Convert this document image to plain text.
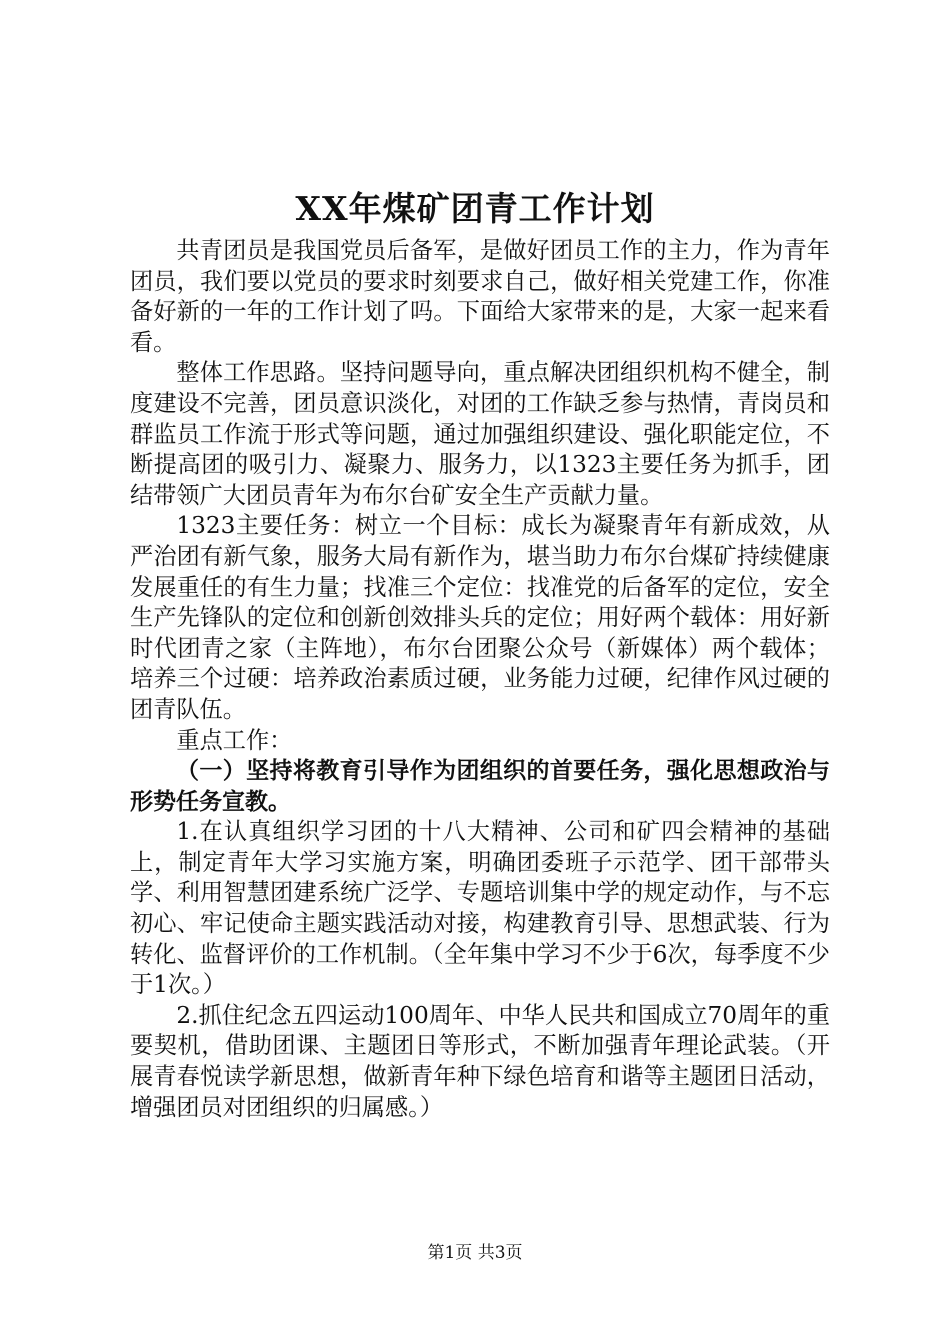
XX年煤矿团青工作计划

共青团员是我国党员后备军，是做好团员工作的主力，作为青年团员，我们要以党员的要求时刻要求自己，做好相关党建工作，你准备好新的一年的工作计划了吗。下面给大家带来的是，大家一起来看看。

整体工作思路。坚持问题导向，重点解决团组织机构不健全，制度建设不完善，团员意识淡化，对团的工作缺乏参与热情，青岗员和群监员工作流于形式等问题，通过加强组织建设、强化职能定位，不断提高团的吸引力、凝聚力、服务力，以1323主要任务为抓手，团结带领广大团员青年为布尔台矿安全生产贡献力量。

1323主要任务：树立一个目标：成长为凝聚青年有新成效，从严治团有新气象，服务大局有新作为，堪当助力布尔台煤矿持续健康发展重任的有生力量；找准三个定位：找准党的后备军的定位，安全生产先锋队的定位和创新创效排头兵的定位；用好两个载体：用好新时代团青之家（主阵地），布尔台团聚公众号（新媒体）两个载体；培养三个过硬：培养政治素质过硬，业务能力过硬，纪律作风过硬的团青队伍。

重点工作：

（一）坚持将教育引导作为团组织的首要任务，强化思想政治与形势任务宣教。

1.在认真组织学习团的十八大精神、公司和矿四会精神的基础上，制定青年大学习实施方案，明确团委班子示范学、团干部带头学、利用智慧团建系统广泛学、专题培训集中学的规定动作，与不忘初心、牢记使命主题实践活动对接，构建教育引导、思想武装、行为转化、监督评价的工作机制。（全年集中学习不少于6次，每季度不少于1次。）

2.抓住纪念五四运动100周年、中华人民共和国成立70周年的重要契机，借助团课、主题团日等形式，不断加强青年理论武装。（开展青春悦读学新思想，做新青年种下绿色培育和谐等主题团日活动，增强团员对团组织的归属感。）

第1页 共3页
